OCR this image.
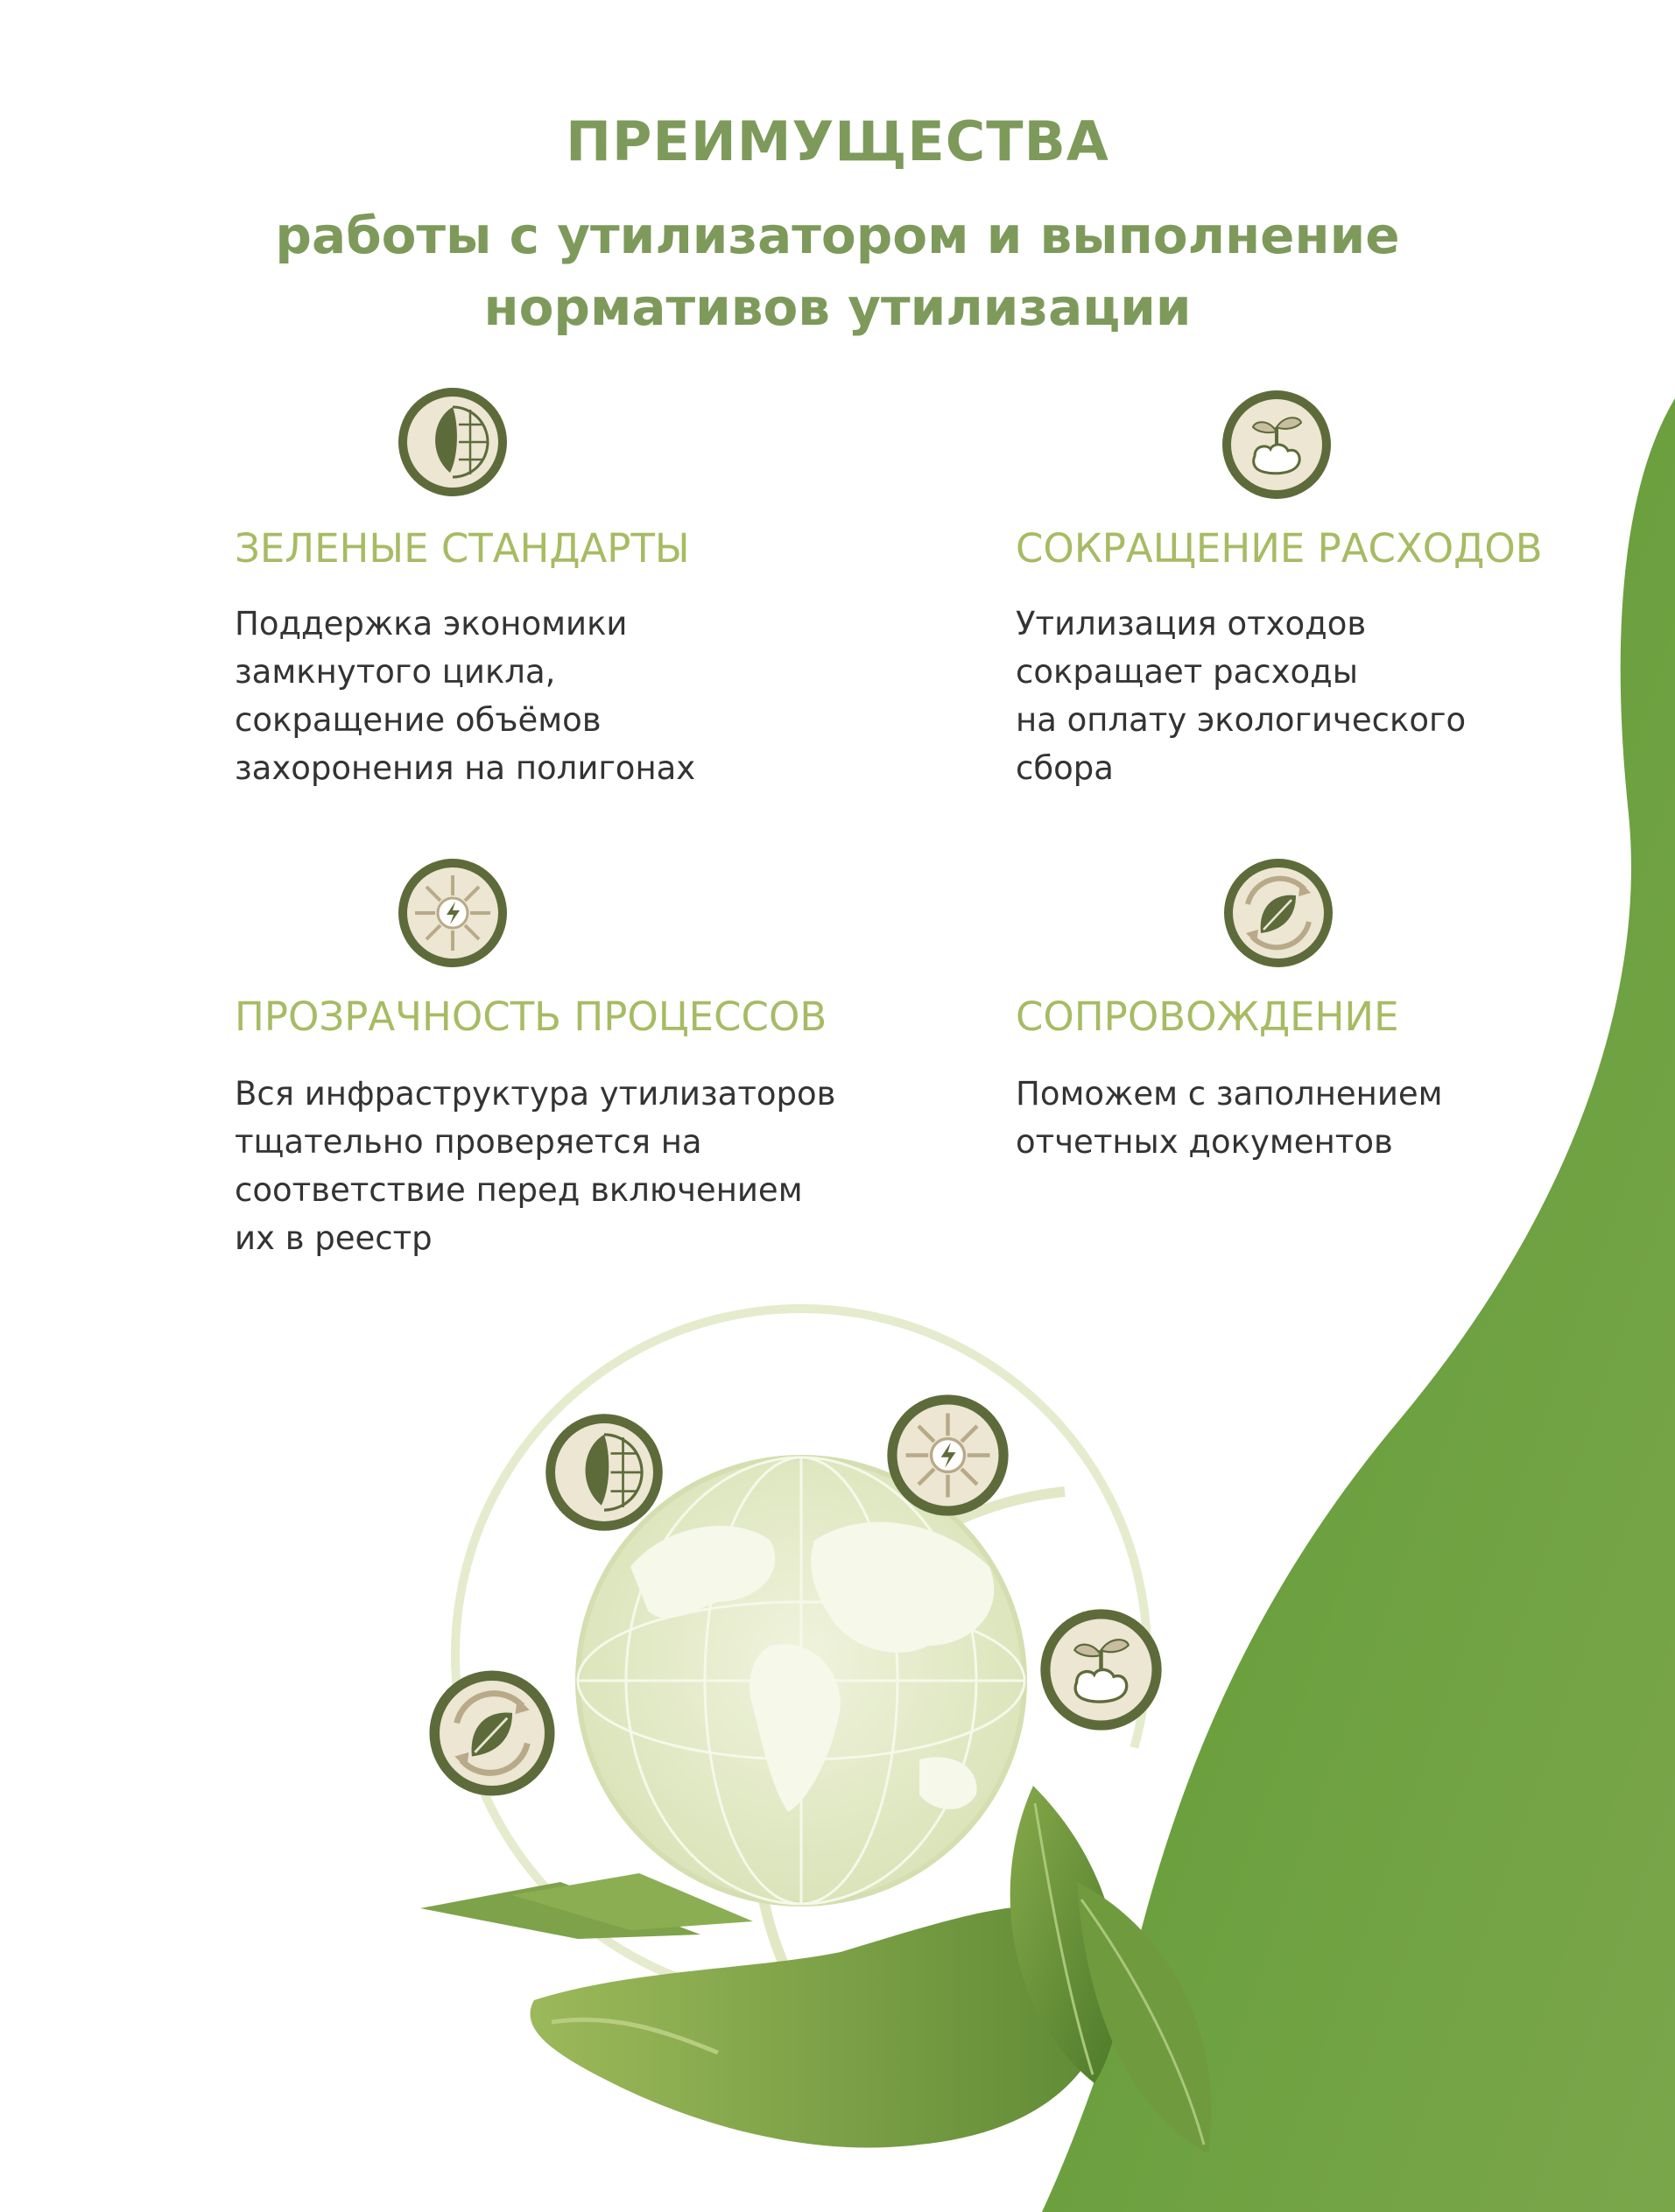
ПРЕИМУЩЕСТВА
работы с утилизатором и выполнение
нормативов утилизации
ЗЕЛЕНЫЕ СТАНДАРТЫ

Поддержка экономики
замкнутого цикла,
сокращение объёмов
захоронения на полигонах

СОКРАЩЕНИЕ РАСХОДОВ

Утилизация отходов
сокращает расходы
на оплату экологического
сбора

ПРОЗРАЧНОСТЬ ПРОЦЕССОВ

Вся инфраструктура утилизаторов
тщательно проверяется на
соответствие перед включением
их в реестр

СОПРОВОЖДЕНИЕ

Поможем с заполнением
отчетных документов
